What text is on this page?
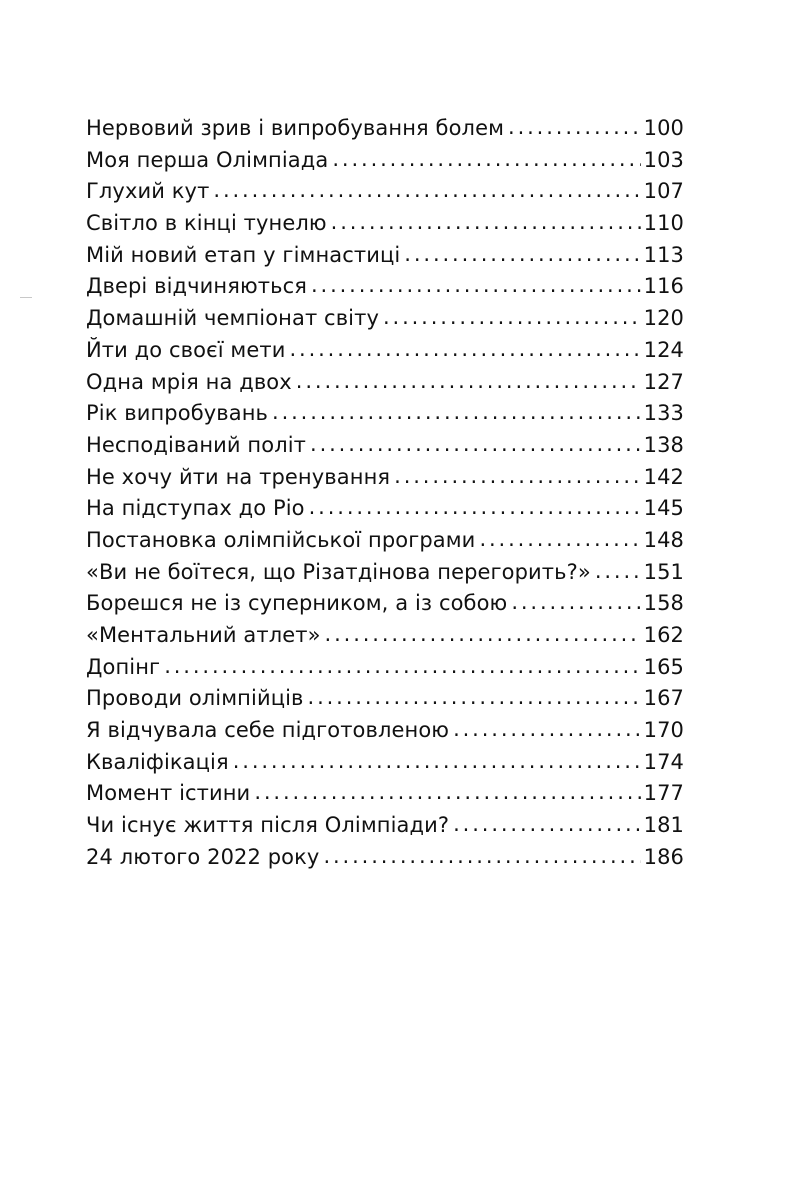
Нервовий зрив і випробування болем . . .	100
Моя перша Олімпіада . . .	103
Глухий кут . . .	107
Світло в кінці тунелю . . .	110
Мій новий етап у гімнастиці . . .	113
Двері відчиняються . . .	116
Домашній чемпіонат світу . . .	120
Йти до своєї мети . . .	124
Одна мрія на двох . . .	127
Рік випробувань . . .	133
Несподіваний політ . . .	138
Не хочу йти на тренування . . .	142
На підступах до Ріо . . .	145
Постановка олімпійської програми . . .	148
«Ви не боїтеся, що Різатдінова перегорить?» . . .	151
Борешся не із суперником, а із собою . . .	158
«Ментальний атлет» . . .	162
Допінг . . .	165
Проводи олімпійців . . .	167
Я відчувала себе підготовленою . . .	170
Кваліфікація . . .	174
Момент істини . . .	177
Чи існує життя після Олімпіади? . . .	181
24 лютого 2022 року . . .	186
